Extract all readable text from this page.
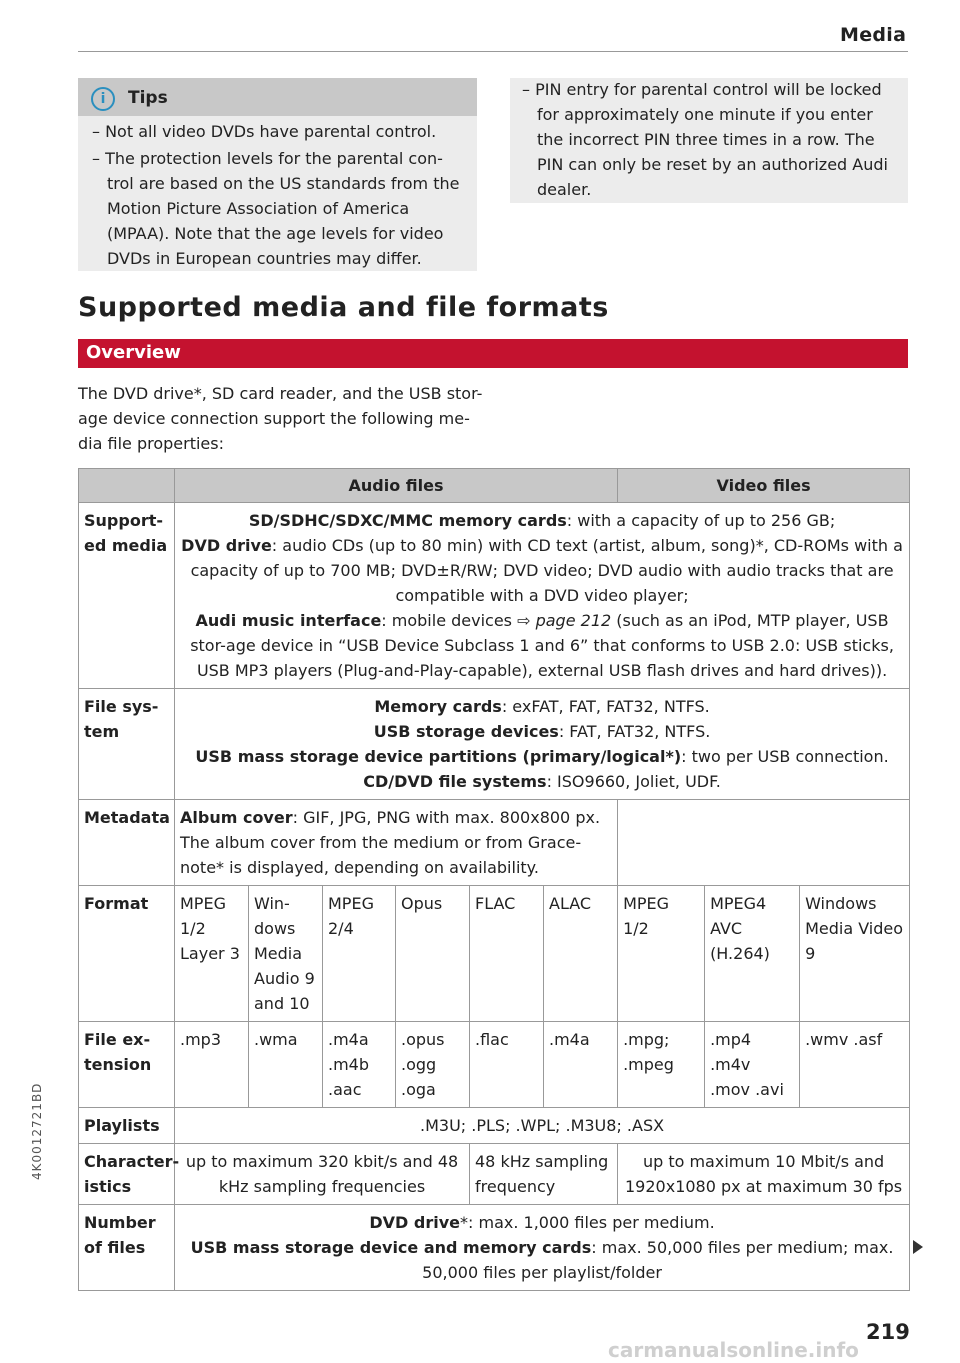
Media
i	Tips
– Not all video DVDs have parental control.
– The protection levels for the parental con-
trol are based on the US standards from the
Motion Picture Association of America
(MPAA). Note that the age levels for video
DVDs in European countries may differ.
– PIN entry for parental control will be locked
for approximately one minute if you enter
the incorrect PIN three times in a row. The
PIN can only be reset by an authorized Audi
dealer.
Supported media and file formats
Overview
The DVD drive*, SD card reader, and the USB stor-
age device connection support the following me-
dia file properties:
	Audio files						Video files		
Support-ed media	SD/SDHC/SDXC/MMC memory cards: with a capacity of up to 256 GB;
DVD drive: audio CDs (up to 80 min) with CD text (artist, album, song)*, CD-ROMs with a capacity of up to 700 MB; DVD±R/RW; DVD video; DVD audio with audio tracks that are compatible with a DVD video player;
Audi music interface: mobile devices ⇨ page 212 (such as an iPod, MTP player, USB stor-age device in “USB Device Subclass 1 and 6” that conforms to USB 2.0: USB sticks, USB MP3 players (Plug-and-Play-capable), external USB flash drives and hard drives)).								
File sys-tem	Memory cards: exFAT, FAT, FAT32, NTFS.
USB storage devices: FAT, FAT32, NTFS.
USB mass storage device partitions (primary/logical*): two per USB connection.
CD/DVD file systems: ISO9660, Joliet, UDF.								
Metadata	Album cover: GIF, JPG, PNG with max. 800x800 px. The album cover from the medium or from Grace-note* is displayed, depending on availability.								
Format	MPEG 1/2 Layer 3	Win-dows Media Audio 9 and 10	MPEG 2/4	Opus	FLAC	ALAC	MPEG 1/2	MPEG4 AVC (H.264)	Windows Media Video 9
File ex-tension	.mp3	.wma	.m4a .m4b .aac	.opus .ogg .oga	.flac	.m4a	.mpg; .mpeg	.mp4 .m4v .mov .avi	.wmv .asf
Playlists	.M3U; .PLS; .WPL; .M3U8; .ASX								
Character-istics	up to maximum 320 kbit/s and 48 kHz sampling frequencies				48 kHz sampling frequency		up to maximum 10 Mbit/s and 1920x1080 px at maximum 30 fps		
Number of files	DVD drive*: max. 1,000 files per medium.
USB mass storage device and memory cards: max. 50,000 files per medium; max. 50,000 files per playlist/folder								
4K0012721BD
219
carmanualsonline.info
